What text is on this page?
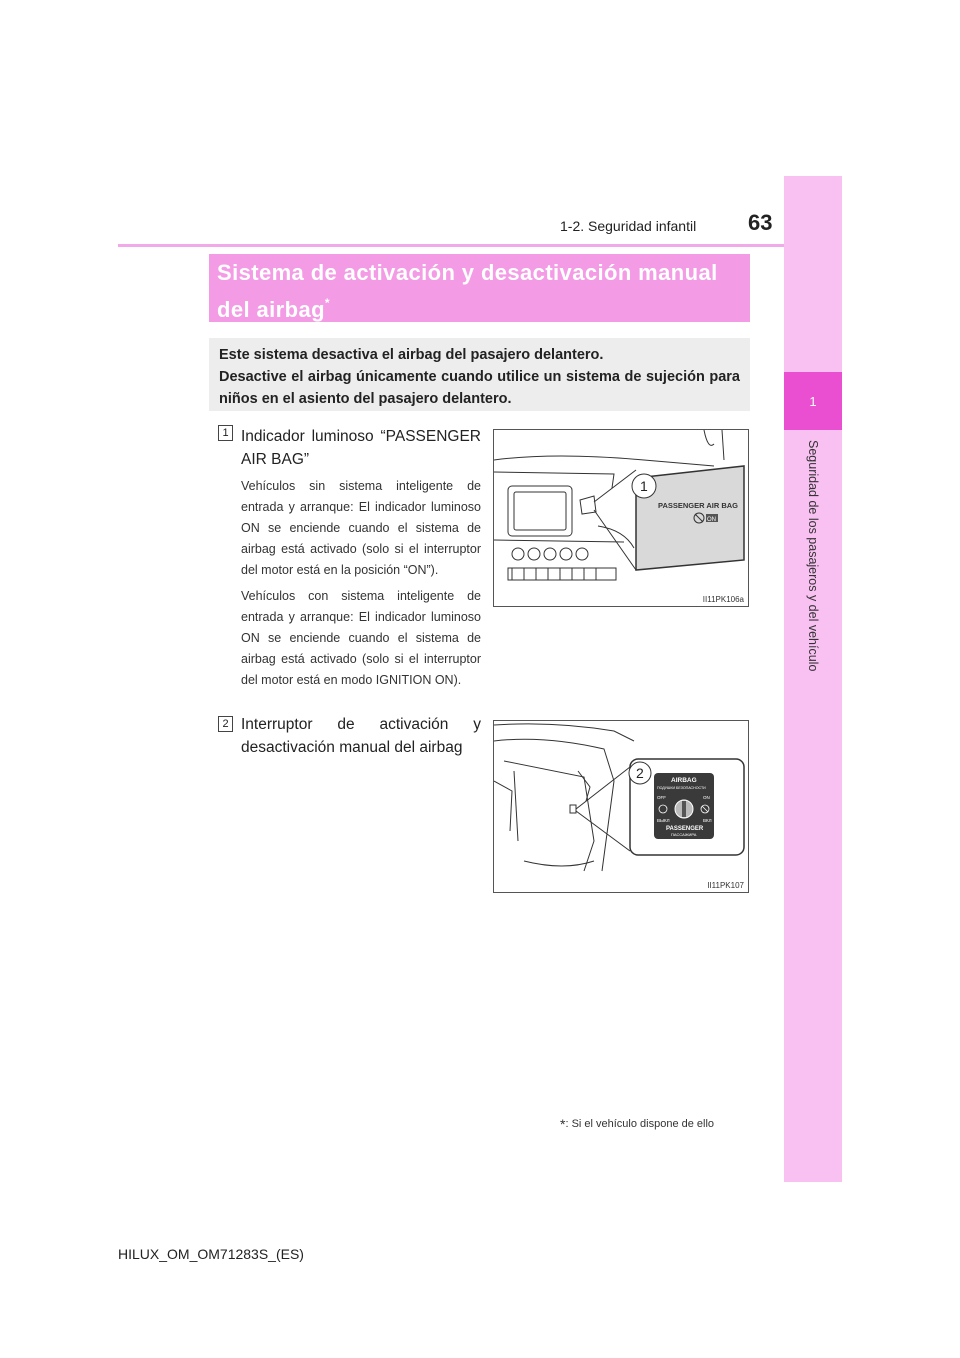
1
Seguridad de los pasajeros y del vehículo
63
1-2. Seguridad infantil
Sistema de activación y desactivación manual del airbag*

Este sistema desactiva el airbag del pasajero delantero.

Desactive el airbag únicamente cuando utilice un sistema de sujeción para niños en el asiento del pasajero delantero.

1 Indicador luminoso “PASSENGER AIR BAG”

Vehículos sin sistema inteligente de entrada y arranque: El indicador luminoso ON se enciende cuando el sistema de airbag está activado (solo si el interruptor del motor está en la posición “ON”).

Vehículos con sistema inteligente de entrada y arranque: El indicador luminoso ON se enciende cuando el sistema de airbag está activado (solo si el interruptor del motor está en modo IGNITION ON).

1
PASSENGER AIR BAG
ON
II11PK106a
2 Interruptor de activación y desactivación manual del airbag
2	AIRBAG
ПОДУШКИ БЕЗОПАСНОСТИ
OFF	ON
ВЫКЛ	ВКЛ
PASSENGER
ПАССАЖИРА
II11PK107
*: Si el vehículo dispone de ello
HILUX_OM_OM71283S_(ES)
